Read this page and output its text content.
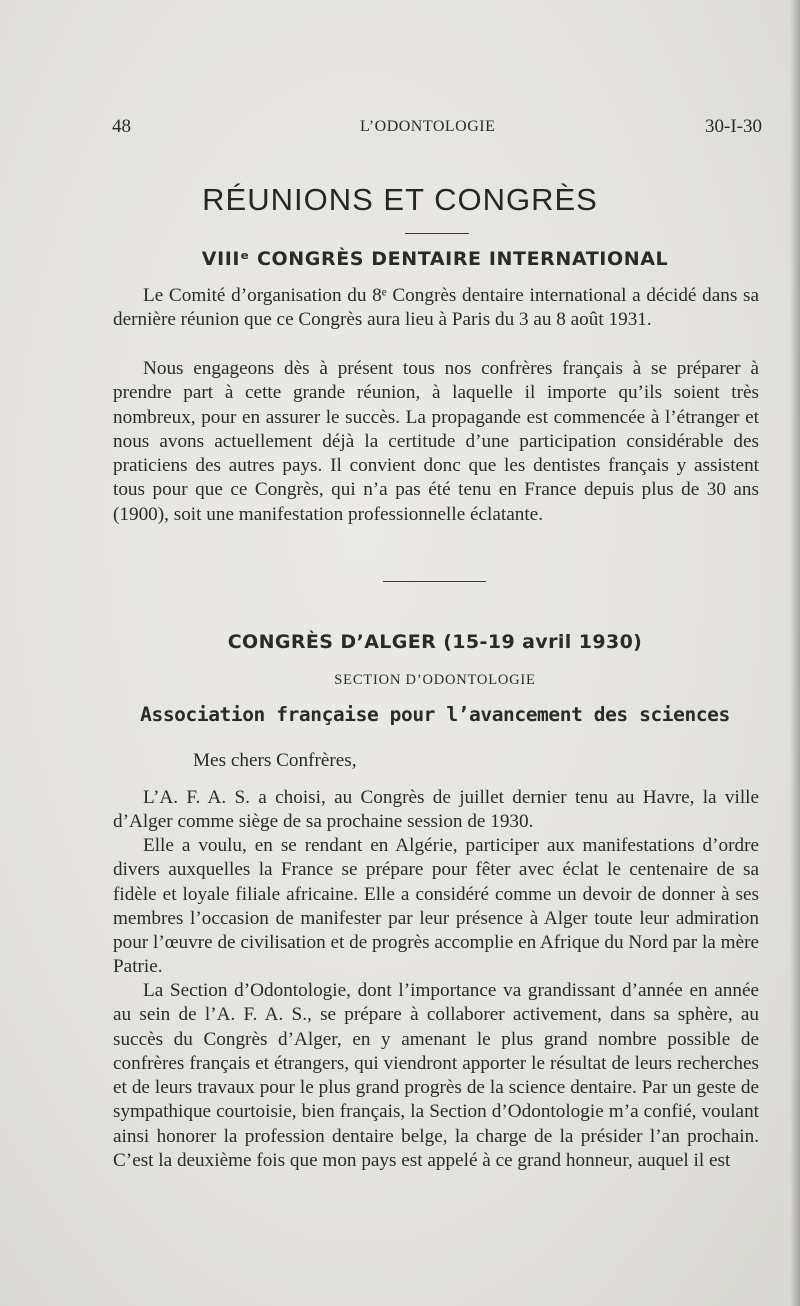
48	L’ODONTOLOGIE	30-I-30
RÉUNIONS ET CONGRÈS
VIIIᵉ CONGRÈS DENTAIRE INTERNATIONAL

Le Comité d’organisation du 8ᵉ Congrès dentaire international a décidé dans sa dernière réunion que ce Congrès aura lieu à Paris du 3 au 8 août 1931.

Nous engageons dès à présent tous nos confrères français à se préparer à prendre part à cette grande réunion, à laquelle il importe qu’ils soient très nombreux, pour en assurer le succès. La propagande est commencée à l’étranger et nous avons actuellement déjà la certitude d’une participation considérable des praticiens des autres pays. Il convient donc que les dentistes français y assistent tous pour que ce Congrès, qui n’a pas été tenu en France depuis plus de 30 ans (1900), soit une manifestation professionnelle éclatante.

CONGRÈS D’ALGER (15-19 avril 1930)
SECTION D’ODONTOLOGIE
Association française pour l’avancement des sciences
Mes chers Confrères,

L’A. F. A. S. a choisi, au Congrès de juillet dernier tenu au Havre, la ville d’Alger comme siège de sa prochaine session de 1930.

Elle a voulu, en se rendant en Algérie, participer aux manifestations d’ordre divers auxquelles la France se prépare pour fêter avec éclat le centenaire de sa fidèle et loyale filiale africaine. Elle a considéré comme un devoir de donner à ses membres l’occasion de manifester par leur présence à Alger toute leur admiration pour l’œuvre de civilisation et de progrès accomplie en Afrique du Nord par la mère Patrie.

La Section d’Odontologie, dont l’importance va grandissant d’année en année au sein de l’A. F. A. S., se prépare à collaborer activement, dans sa sphère, au succès du Congrès d’Alger, en y amenant le plus grand nombre possible de confrères français et étrangers, qui viendront apporter le résultat de leurs recherches et de leurs travaux pour le plus grand progrès de la science dentaire. Par un geste de sympathique courtoisie, bien français, la Section d’Odontologie m’a confié, voulant ainsi honorer la profession dentaire belge, la charge de la présider l’an prochain. C’est la deuxième fois que mon pays est appelé à ce grand honneur, auquel il est
